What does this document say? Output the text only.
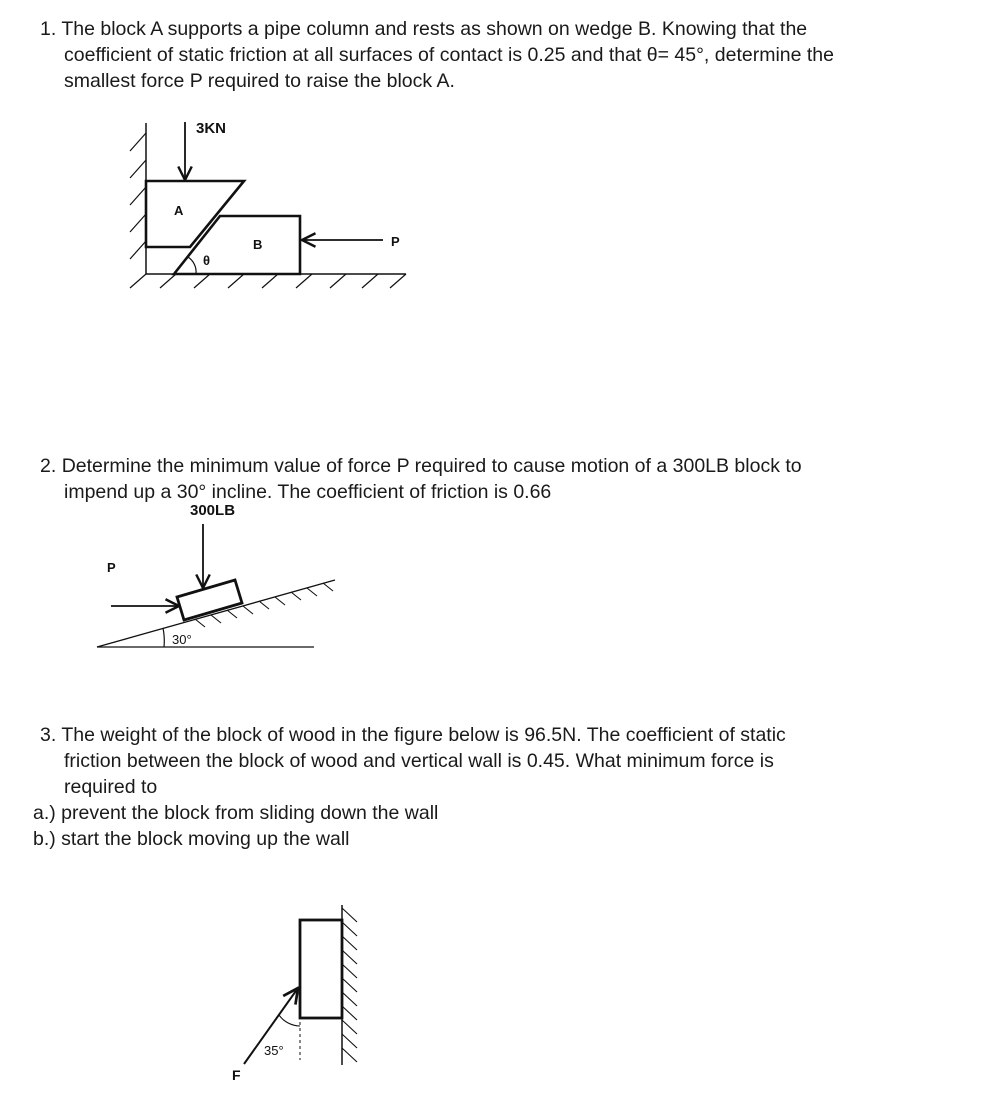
1. The block A supports a pipe column and rests as shown on wedge B. Knowing that the

coefficient of static friction at all surfaces of contact is 0.25 and that θ= 45°, determine the

smallest force P required to raise the block A.

3KN
A
B
θ
P

2. Determine the minimum value of force P required to cause motion of a 300LB block to

impend up a 30° incline. The coefficient of friction is 0.66

300LB
P
30°

3. The weight of the block of wood in the figure below is 96.5N. The coefficient of static

friction between the block of wood and vertical wall is 0.45. What minimum force is

required to

a.) prevent the block from sliding down the wall

b.) start the block moving up the wall

35°
F
